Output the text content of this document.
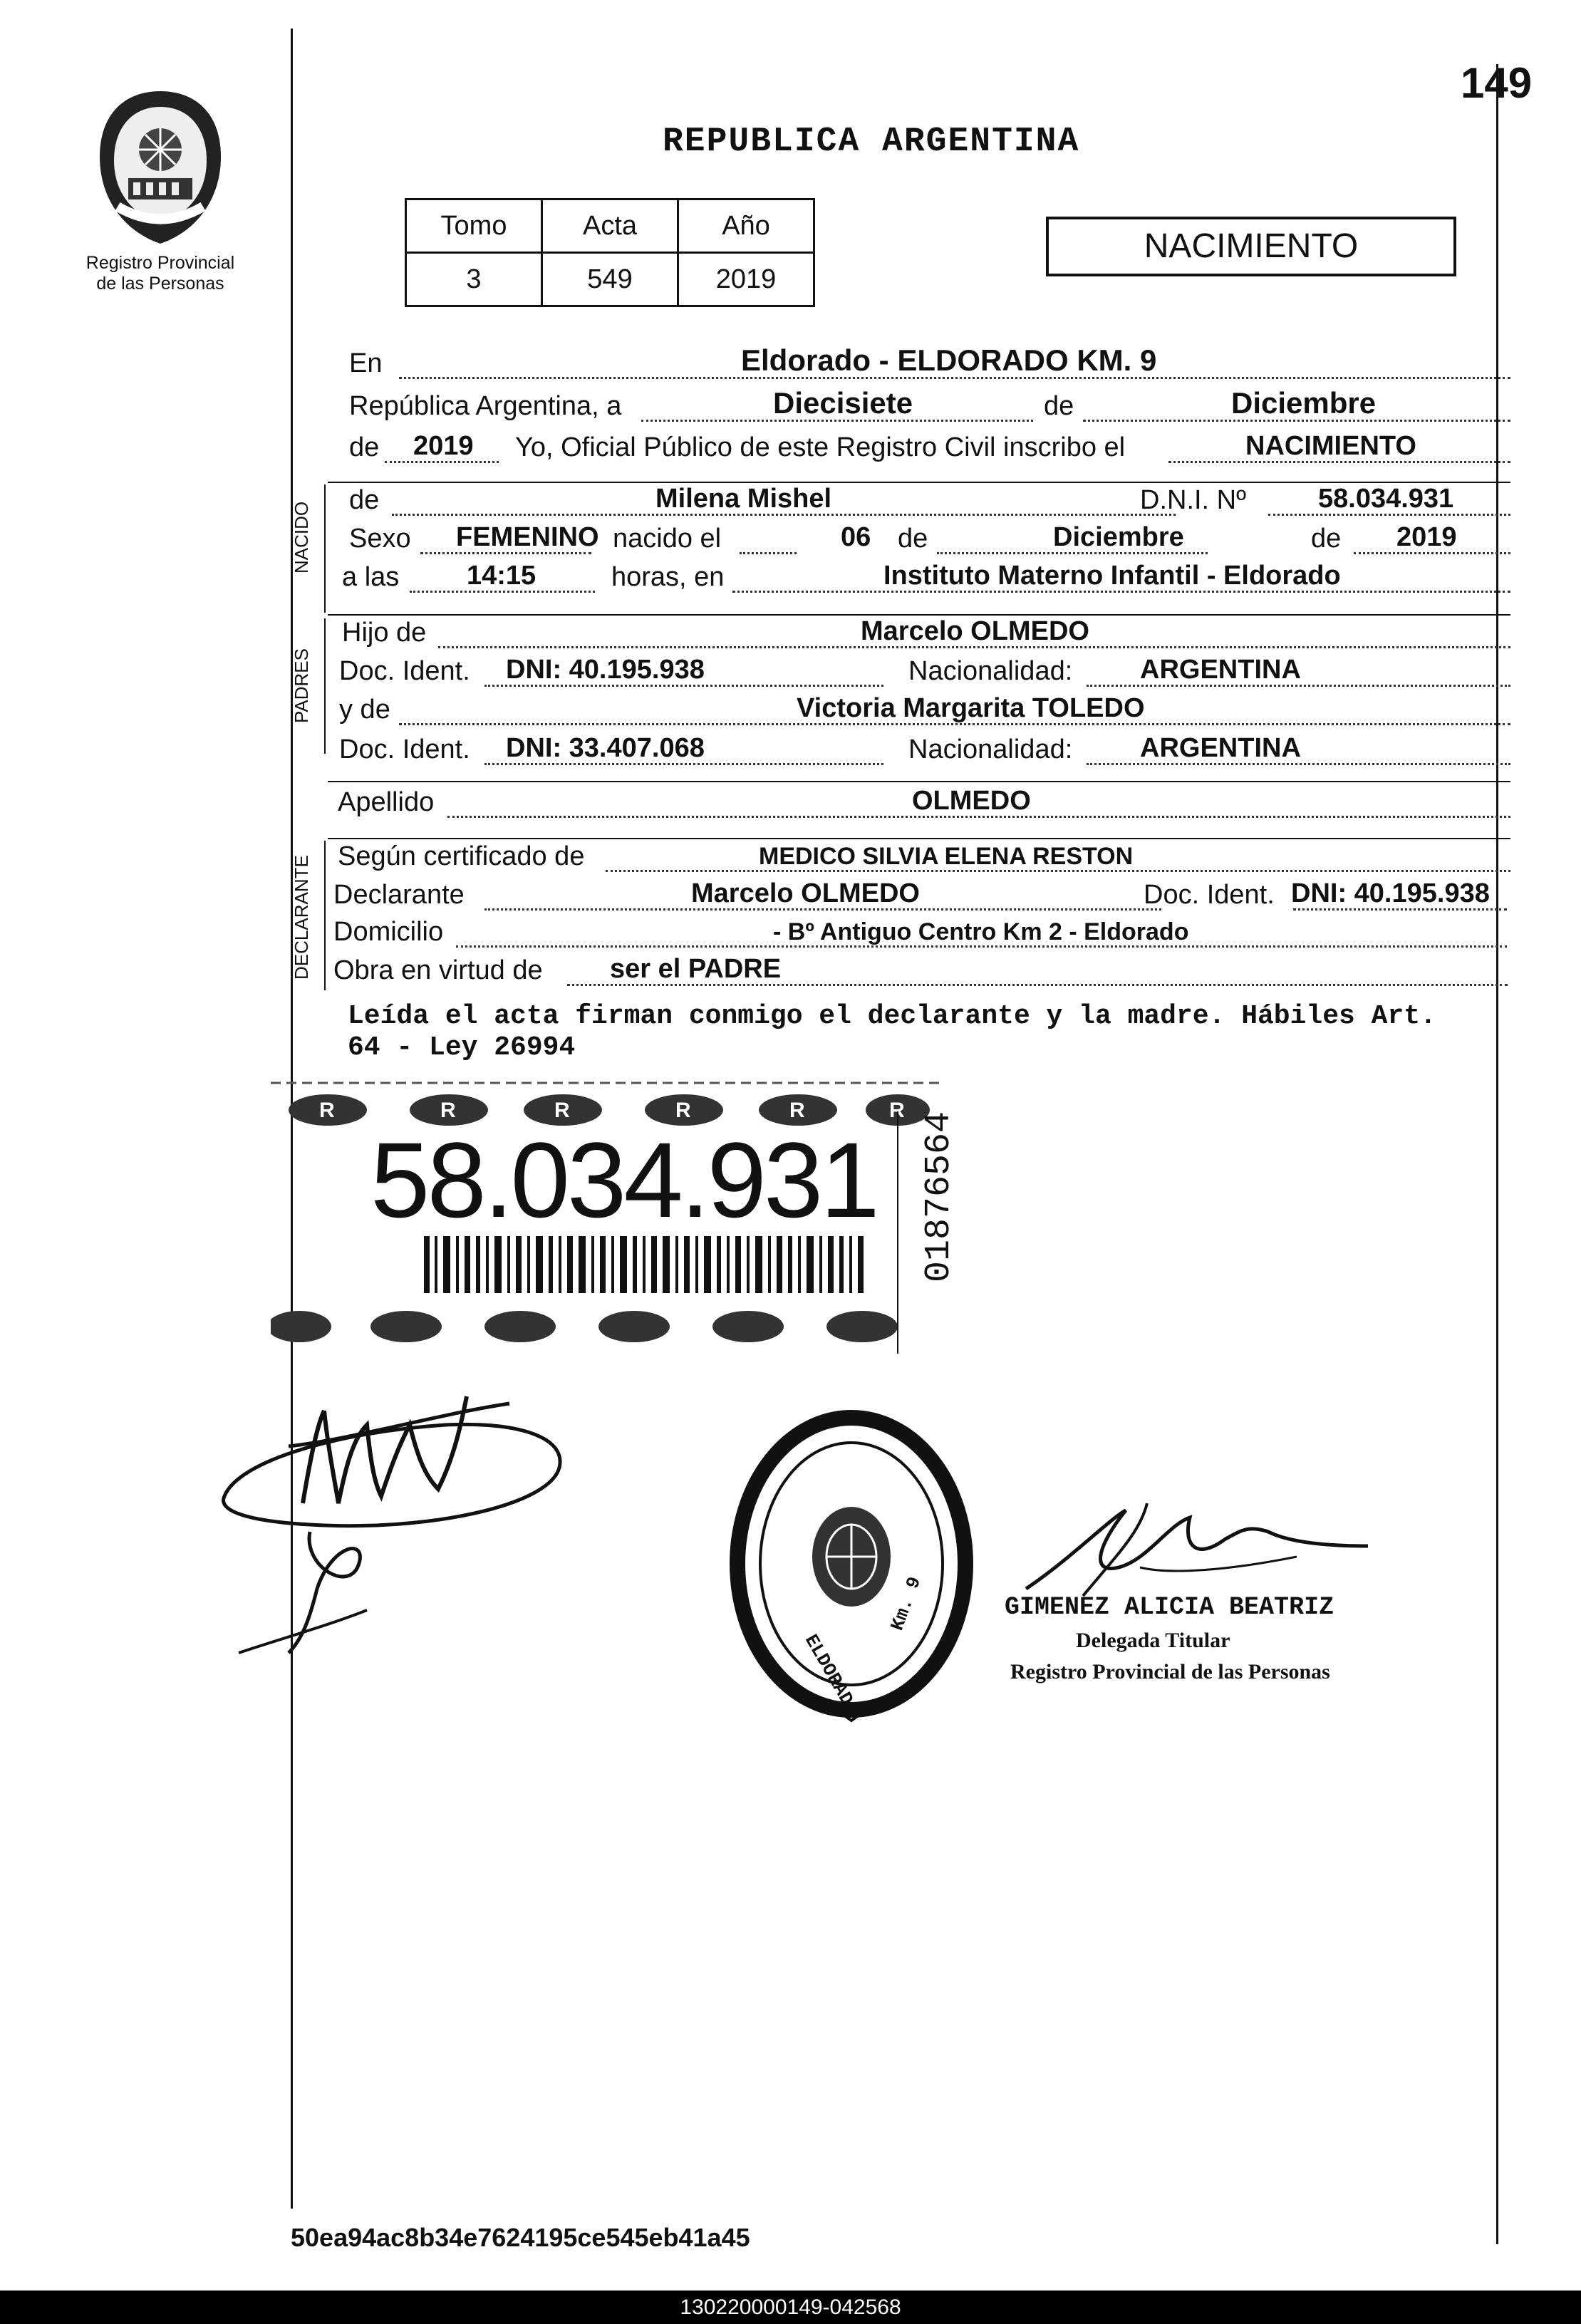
149
Registro Provincial
de las Personas
REPUBLICA ARGENTINA
Tomo	Acta	Año
3	549	2019
NACIMIENTO
NACIDO
PADRES
DECLARANTE
En	Eldorado - ELDORADO KM. 9
República Argentina, a	Diecisiete	de	Diciembre
de 2019 Yo, Oficial Público de este Registro Civil inscribo el	NACIMIENTO
de	Milena Mishel	D.N.I. Nº	58.034.931
Sexo FEMENINO nacido el	06 de	Diciembre	de 2019
a las 14:15	horas, en	Instituto Materno Infantil - Eldorado
Hijo de	Marcelo OLMEDO
Doc. Ident. DNI: 40.195.938	Nacionalidad: ARGENTINA
y de	Victoria Margarita TOLEDO
Doc. Ident. DNI: 33.407.068	Nacionalidad: ARGENTINA
Apellido	OLMEDO
Según certificado de	MEDICO SILVIA ELENA RESTON
Declarante	Marcelo OLMEDO	Doc. Ident. DNI: 40.195.938
Domicilio	- Bº Antiguo Centro Km 2 - Eldorado
Obra en virtud de ser el PADRE
Leída el acta firman conmigo el declarante y la madre. Hábiles Art. 64 - Ley 26994
R	R	R	R	R	R
58.034.931 01876564
ELDORADO
Km. 9	GIMENEZ ALICIA BEATRIZ
Delegada Titular
Registro Provincial de las Personas
50ea94ac8b34e7624195ce545eb41a45
130220000149-042568
